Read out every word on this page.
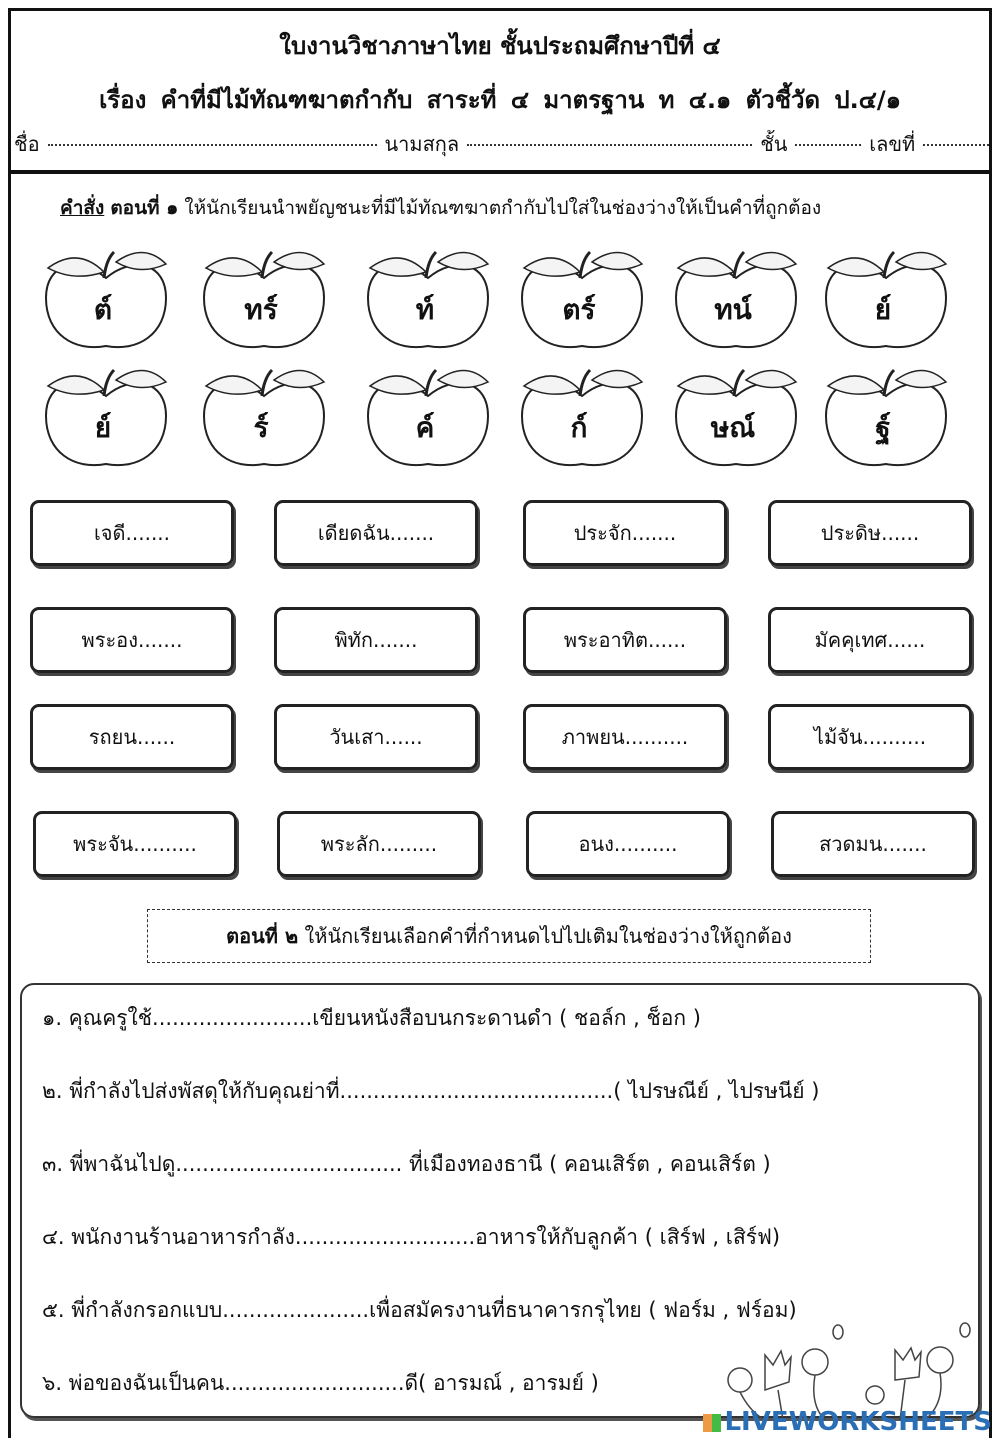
ใบงานวิชาภาษาไทย ชั้นประถมศึกษาปีที่ ๔
เรื่อง คำที่มีไม้ทัณฑฆาตกำกับ สาระที่ ๔ มาตรฐาน ท ๔.๑ ตัวชี้วัด ป.๔/๑
ชื่อ	นามสกุล	ชั้น	เลขที่
คำสั่ง ตอนที่ ๑ ให้นักเรียนนำพยัญชนะที่มีไม้ทัณฑฆาตกำกับไปใส่ในช่องว่างให้เป็นคำที่ถูกต้อง
ต์	ทร์	ท์	ตร์	ทน์	ย์
ย์	ร์	ค์	ก์	ษณ์	ฐ์
เจดี.......	เดียดฉัน.......	ประจัก.......	ประดิษ......
พระอง.......	พิทัก.......	พระอาทิต......	มัคคุเทศ......
รถยน......	วันเสา......	ภาพยน..........	ไม้จัน..........
พระจัน..........	พระลัก.........	อนง..........	สวดมน.......
ตอนที่ ๒
ให้นักเรียนเลือกคำที่กำหนดไปไปเติมในช่องว่างให้ถูกต้อง
๑. คุณครูใช้........................เขียนหนังสือบนกระดานดำ ( ชอล์ก , ช็อก )
๒. พี่กำลังไปส่งพัสดุให้กับคุณย่าที่.........................................( ไปรษณีย์ , ไปรษนีย์ )
๓. พี่พาฉันไปดู.................................. ที่เมืองทองธานี ( คอนเสิร์ต , คอนเสิร์ต )
๔. พนักงานร้านอาหารกำลัง...........................อาหารให้กับลูกค้า ( เสิร์ฟ , เสิร์ฟ)
๕. พี่กำลังกรอกแบบ......................เพื่อสมัครงานที่ธนาคารกรุไทย ( ฟอร์ม , ฟร์อม)
๖. พ่อของฉันเป็นคน...........................ดี( อารมณ์ , อารมย์ )
LIVEWORKSHEETS
